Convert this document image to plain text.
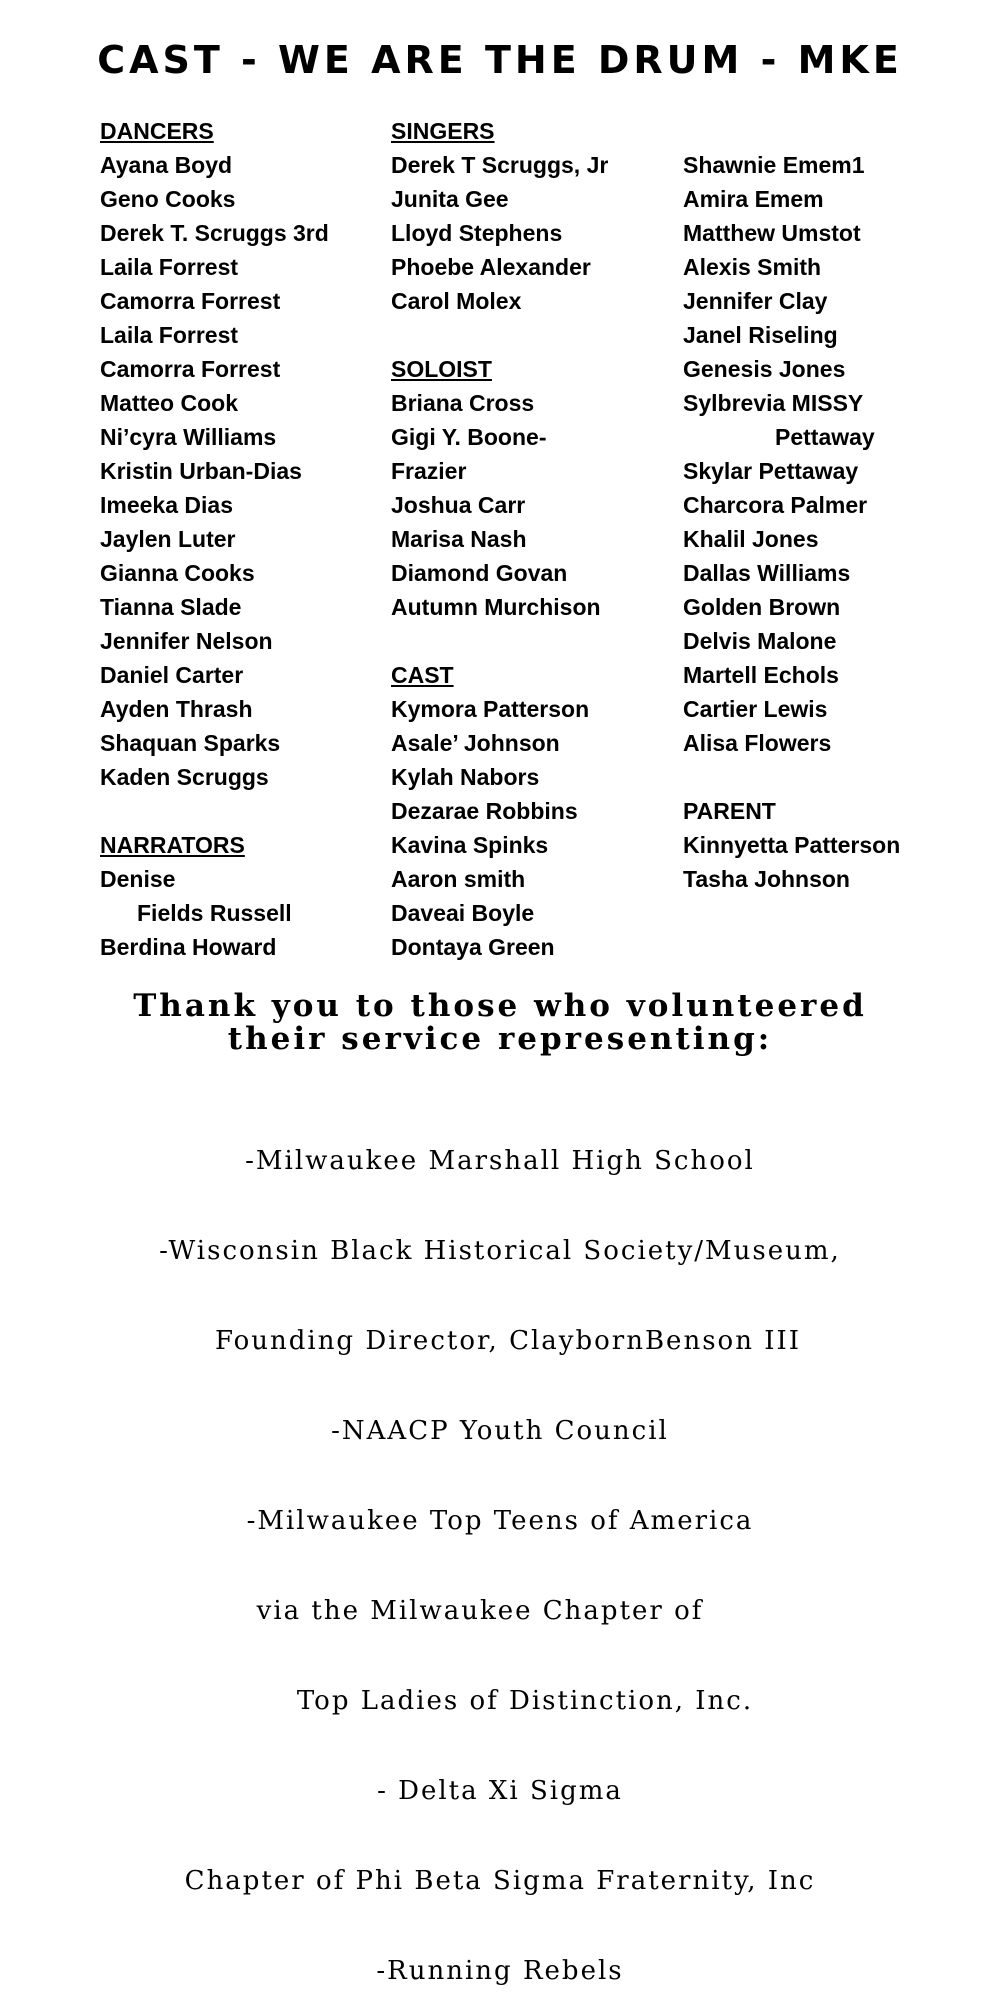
CAST - WE ARE THE DRUM - MKE
DANCERS
Ayana Boyd
Geno Cooks
Derek T. Scruggs 3rd
Laila Forrest
Camorra Forrest
Laila Forrest
Camorra Forrest
Matteo Cook
Ni’cyra Williams
Kristin Urban-Dias
Imeeka Dias
Jaylen Luter
Gianna Cooks
Tianna Slade
Jennifer Nelson
Daniel Carter
Ayden Thrash
Shaquan Sparks
Kaden Scruggs
NARRATORS
Denise
Fields Russell
Berdina Howard
SINGERS
Derek T Scruggs, Jr
Junita Gee
Lloyd Stephens
Phoebe Alexander
Carol Molex
SOLOIST
Briana Cross
Gigi Y. Boone-
Frazier
Joshua Carr
Marisa Nash
Diamond Govan
Autumn Murchison
CAST
Kymora Patterson
Asale’ Johnson
Kylah Nabors
Dezarae Robbins
Kavina Spinks
Aaron smith
Daveai Boyle
Dontaya Green
Shawnie Emem1
Amira Emem
Matthew Umstot
Alexis Smith
Jennifer Clay
Janel Riseling
Genesis Jones
Sylbrevia MISSY
Pettaway
Skylar Pettaway
Charcora Palmer
Khalil Jones
Dallas Williams
Golden Brown
Delvis Malone
Martell Echols
Cartier Lewis
Alisa Flowers
PARENT
Kinnyetta Patterson
Tasha Johnson
Thank you to those who volunteered
their service representing:

-Milwaukee Marshall High School

-Wisconsin Black Historical Society/Museum,

Founding Director, ClaybornBenson III

-NAACP Youth Council

-Milwaukee Top Teens of America

via the Milwaukee Chapter of

Top Ladies of Distinction, Inc.

- Delta Xi Sigma

Chapter of Phi Beta Sigma Fraternity, Inc

-Running Rebels
